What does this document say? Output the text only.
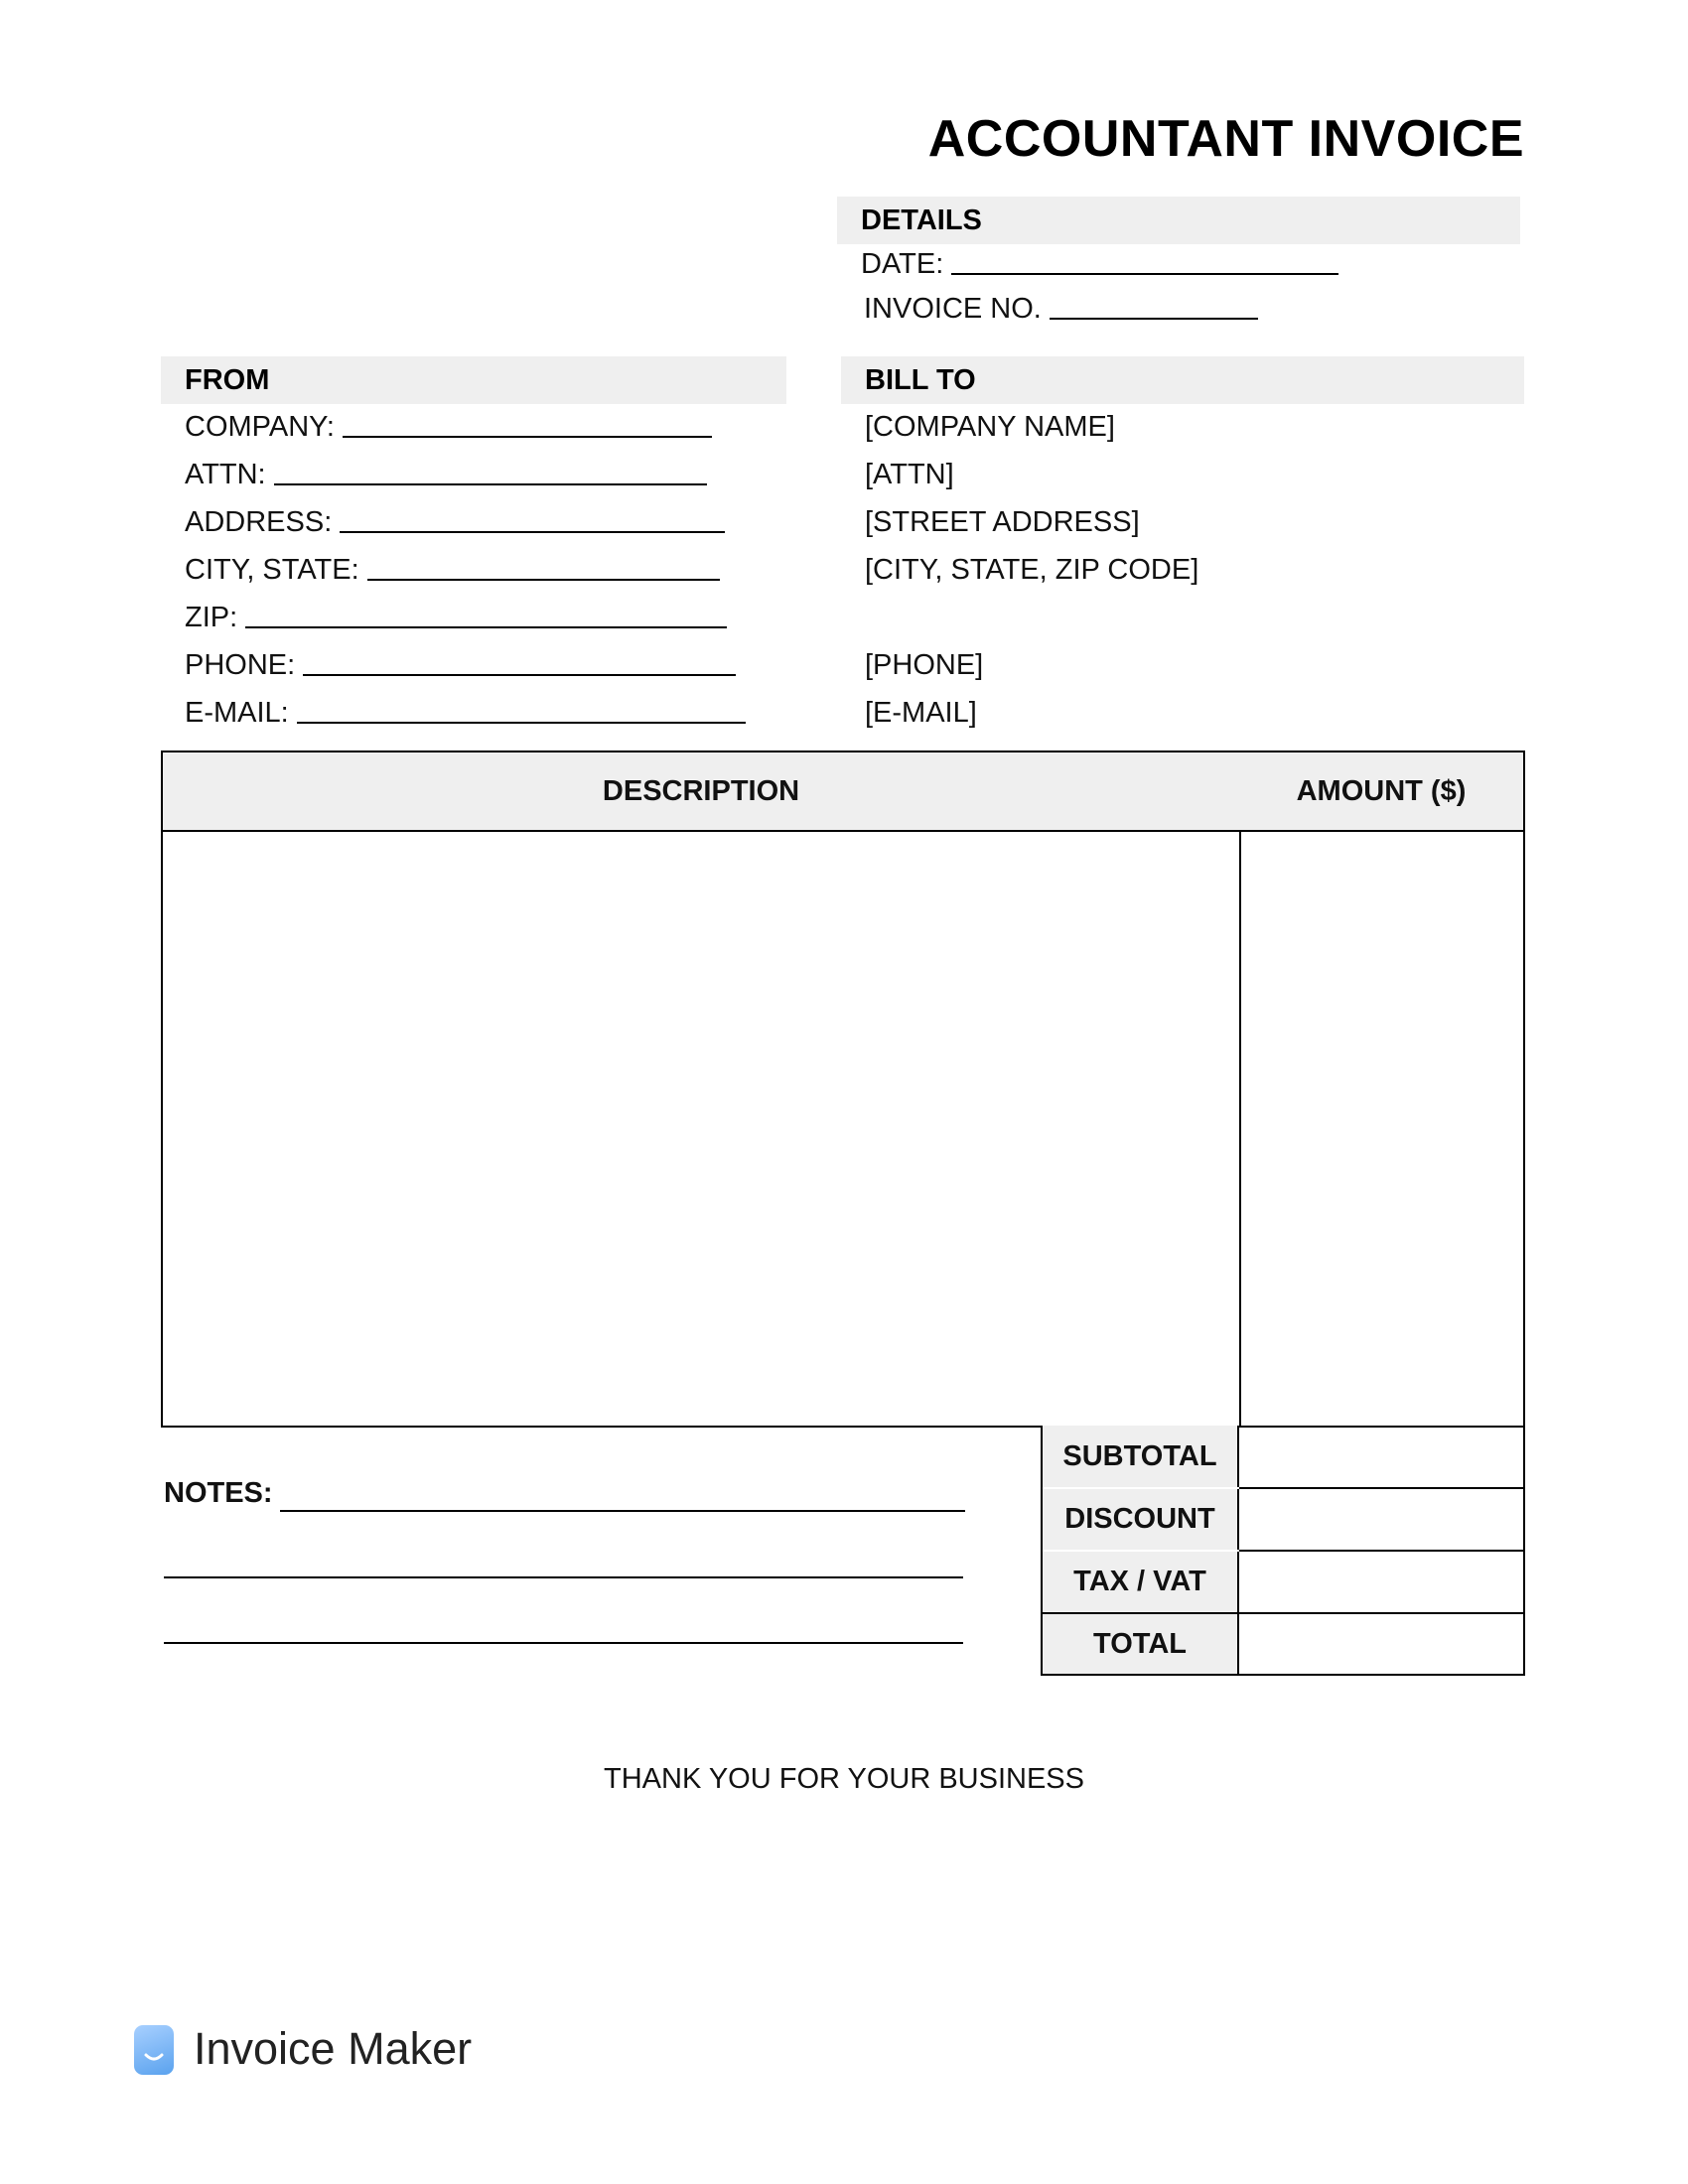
ACCOUNTANT INVOICE
DETAILS
DATE:
INVOICE NO.
FROM
COMPANY:
ATTN:
ADDRESS:
CITY, STATE:
ZIP:
PHONE:
E-MAIL:
BILL TO
[COMPANY NAME]
[ATTN]
[STREET ADDRESS]
[CITY, STATE, ZIP CODE]
[PHONE]
[E-MAIL]
DESCRIPTION	AMOUNT ($)
SUBTOTAL
DISCOUNT
TAX / VAT
TOTAL
NOTES:
THANK YOU FOR YOUR BUSINESS
Invoice Maker
